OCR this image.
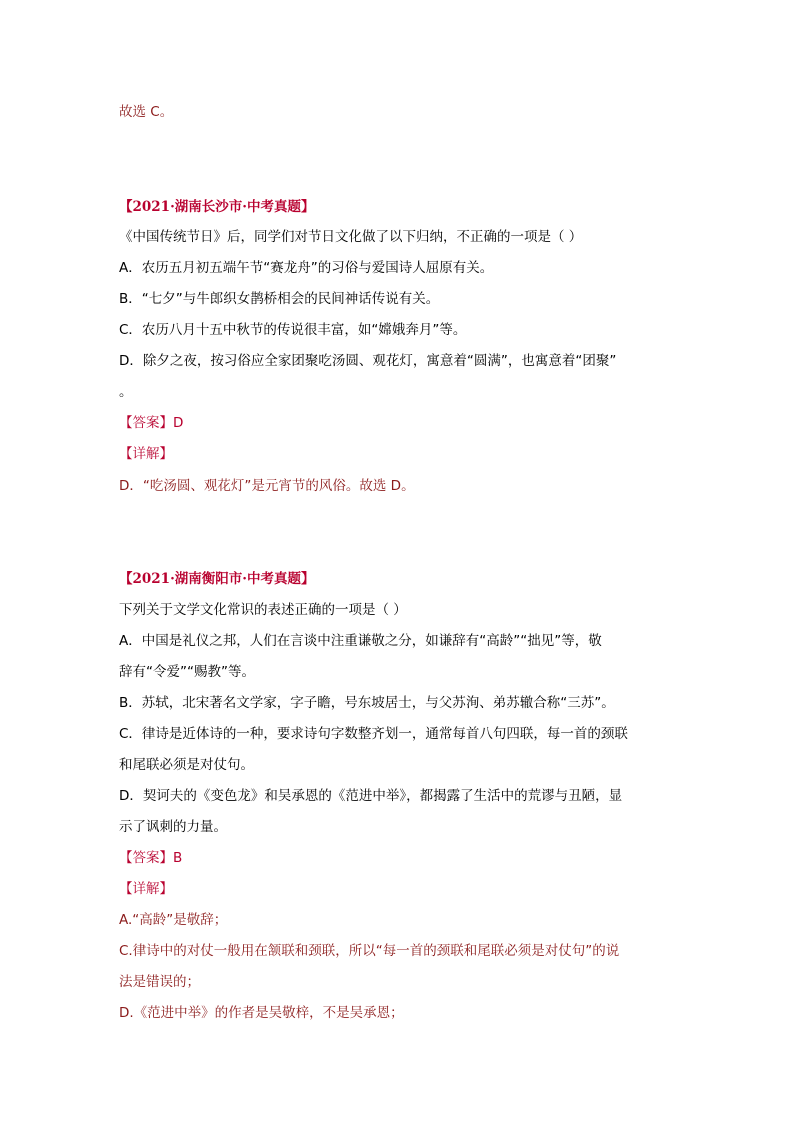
故选 C。
【2021·湖南长沙市·中考真题】
《中国传统节日》后，同学们对节日文化做了以下归纳，不正确的一项是（ ）
A．农历五月初五端午节“赛龙舟”的习俗与爱国诗人屈原有关。
B．“七夕”与牛郎织女鹊桥相会的民间神话传说有关。
C．农历八月十五中秋节的传说很丰富，如“嫦娥奔月”等。
D．除夕之夜，按习俗应全家团聚吃汤圆、观花灯，寓意着“圆满”，也寓意着“团聚”
。
【答案】D
【详解】
D．“吃汤圆、观花灯”是元宵节的风俗。故选 D。
【2021·湖南衡阳市·中考真题】
下列关于文学文化常识的表述正确的一项是（ ）
A．中国是礼仪之邦，人们在言谈中注重谦敬之分，如谦辞有“高龄”“拙见”等，敬
辞有“令爱”“赐教”等。
B．苏轼，北宋著名文学家，字子瞻，号东坡居士，与父苏洵、弟苏辙合称“三苏”。
C．律诗是近体诗的一种，要求诗句字数整齐划一，通常每首八句四联，每一首的颈联
和尾联必须是对仗句。
D．契诃夫的《变色龙》和吴承恩的《范进中举》，都揭露了生活中的荒谬与丑陋，显
示了讽刺的力量。
【答案】B
【详解】
A.“高龄”是敬辞；
C.律诗中的对仗一般用在颔联和颈联，所以“每一首的颈联和尾联必须是对仗句”的说
法是错误的；
D.《范进中举》的作者是吴敬梓，不是吴承恩；
